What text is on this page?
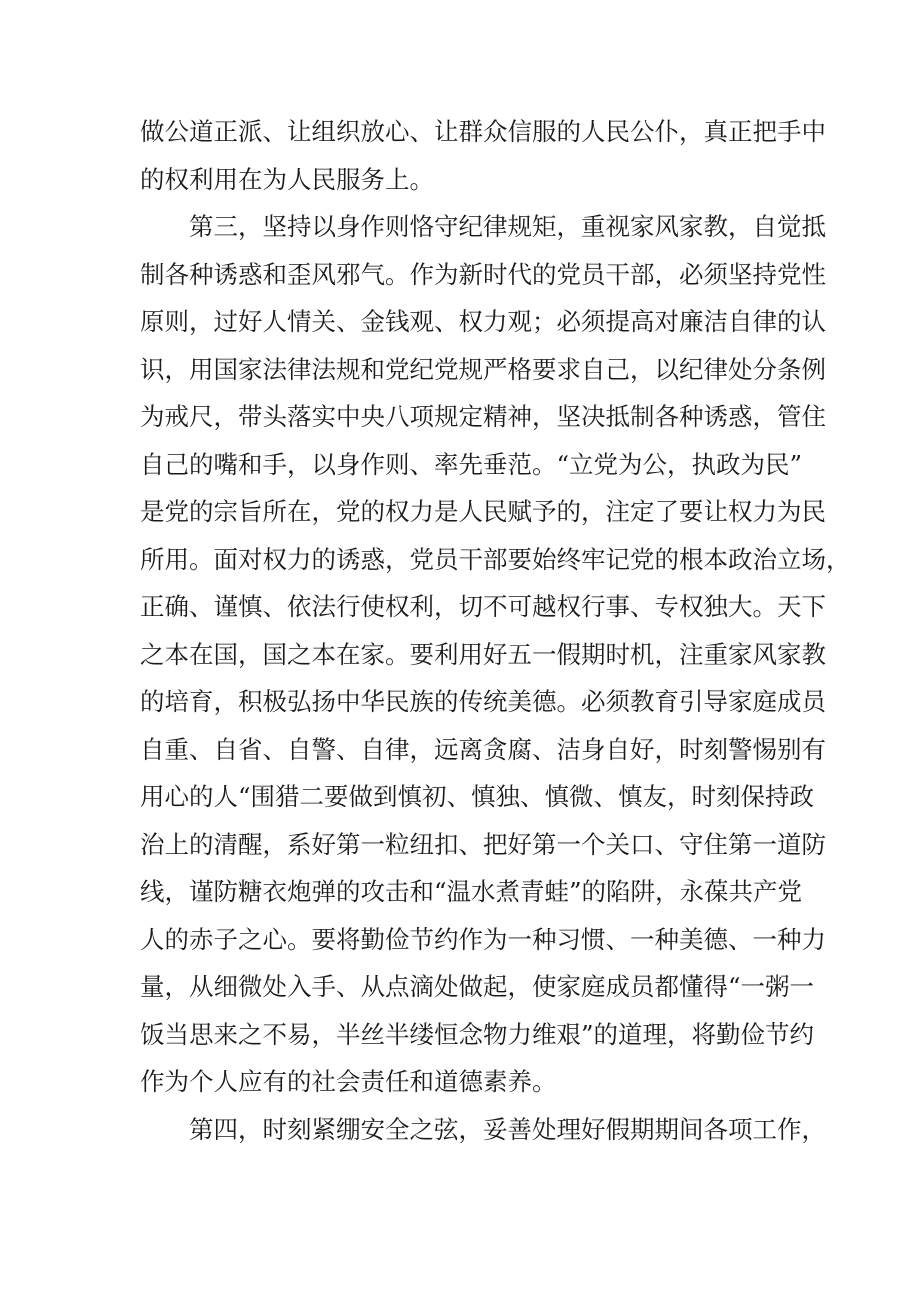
做公道正派、让组织放心、让群众信服的人民公仆，真正把手中
的权利用在为人民服务上。
第三，坚持以身作则恪守纪律规矩，重视家风家教，自觉抵
制各种诱惑和歪风邪气。作为新时代的党员干部，必须坚持党性
原则，过好人情关、金钱观、权力观；必须提高对廉洁自律的认
识，用国家法律法规和党纪党规严格要求自己，以纪律处分条例
为戒尺，带头落实中央八项规定精神，坚决抵制各种诱惑，管住
自己的嘴和手，以身作则、率先垂范。“立党为公，执政为民”
是党的宗旨所在，党的权力是人民赋予的，注定了要让权力为民
所用。面对权力的诱惑，党员干部要始终牢记党的根本政治立场，
正确、谨慎、依法行使权利，切不可越权行事、专权独大。天下
之本在国，国之本在家。要利用好五一假期时机，注重家风家教
的培育，积极弘扬中华民族的传统美德。必须教育引导家庭成员
自重、自省、自警、自律，远离贪腐、洁身自好，时刻警惕别有
用心的人“围猎二要做到慎初、慎独、慎微、慎友，时刻保持政
治上的清醒，系好第一粒纽扣、把好第一个关口、守住第一道防
线，谨防糖衣炮弹的攻击和“温水煮青蛙”的陷阱，永葆共产党
人的赤子之心。要将勤俭节约作为一种习惯、一种美德、一种力
量，从细微处入手、从点滴处做起，使家庭成员都懂得“一粥一
饭当思来之不易，半丝半缕恒念物力维艰”的道理，将勤俭节约
作为个人应有的社会责任和道德素养。
第四，时刻紧绷安全之弦，妥善处理好假期期间各项工作，
